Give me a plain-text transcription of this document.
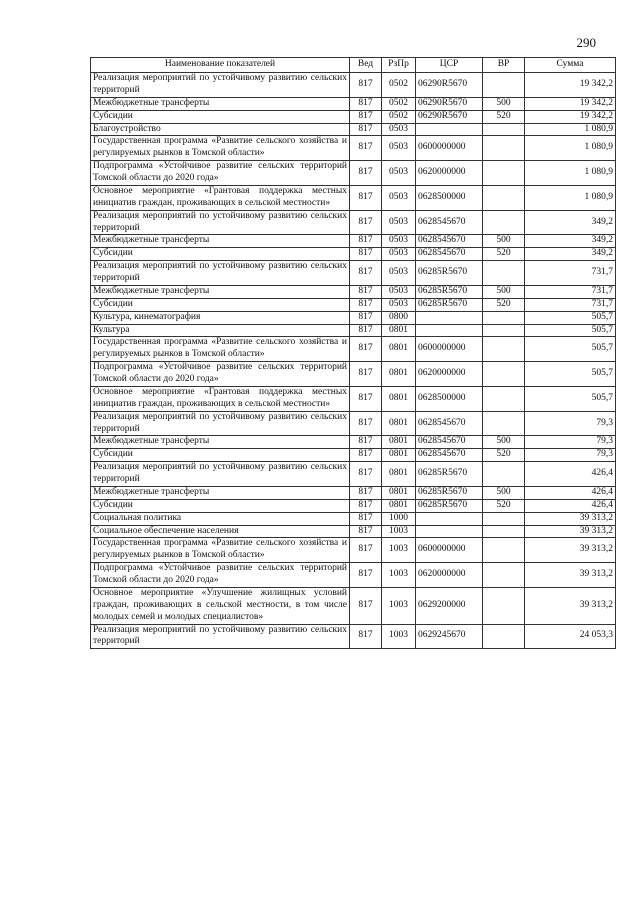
290
Наименование показателей	Вед	РзПр	ЦСР	ВР	Сумма
Реализация мероприятий по устойчивому развитию сельских территорий	817	0502	06290R5670		19 342,2
Межбюджетные трансферты	817	0502	06290R5670	500	19 342,2
Субсидии	817	0502	06290R5670	520	19 342,2
Благоустройство	817	0503			1 080,9
Государственная программа «Развитие сельского хозяйства и регулируемых рынков в Томской области»	817	0503	0600000000		1 080,9
Подпрограмма «Устойчивое развитие сельских территорий Томской области до 2020 года»	817	0503	0620000000		1 080,9
Основное мероприятие «Грантовая поддержка местных инициатив граждан, проживающих в сельской местности»	817	0503	0628500000		1 080,9
Реализация мероприятий по устойчивому развитию сельских территорий	817	0503	0628545670		349,2
Межбюджетные трансферты	817	0503	0628545670	500	349,2
Субсидии	817	0503	0628545670	520	349,2
Реализация мероприятий по устойчивому развитию сельских территорий	817	0503	06285R5670		731,7
Межбюджетные трансферты	817	0503	06285R5670	500	731,7
Субсидии	817	0503	06285R5670	520	731,7
Культура, кинематография	817	0800			505,7
Культура	817	0801			505,7
Государственная программа «Развитие сельского хозяйства и регулируемых рынков в Томской области»	817	0801	0600000000		505,7
Подпрограмма «Устойчивое развитие сельских территорий Томской области до 2020 года»	817	0801	0620000000		505,7
Основное мероприятие «Грантовая поддержка местных инициатив граждан, проживающих в сельской местности»	817	0801	0628500000		505,7
Реализация мероприятий по устойчивому развитию сельских территорий	817	0801	0628545670		79,3
Межбюджетные трансферты	817	0801	0628545670	500	79,3
Субсидии	817	0801	0628545670	520	79,3
Реализация мероприятий по устойчивому развитию сельских территорий	817	0801	06285R5670		426,4
Межбюджетные трансферты	817	0801	06285R5670	500	426,4
Субсидии	817	0801	06285R5670	520	426,4
Социальная политика	817	1000			39 313,2
Социальное обеспечение населения	817	1003			39 313,2
Государственная программа «Развитие сельского хозяйства и регулируемых рынков в Томской области»	817	1003	0600000000		39 313,2
Подпрограмма «Устойчивое развитие сельских территорий Томской области до 2020 года»	817	1003	0620000000		39 313,2
Основное мероприятие «Улучшение жилищных условий граждан, проживающих в сельской местности, в том числе молодых семей и молодых специалистов»	817	1003	0629200000		39 313,2
Реализация мероприятий по устойчивому развитию сельских территорий	817	1003	0629245670		24 053,3
